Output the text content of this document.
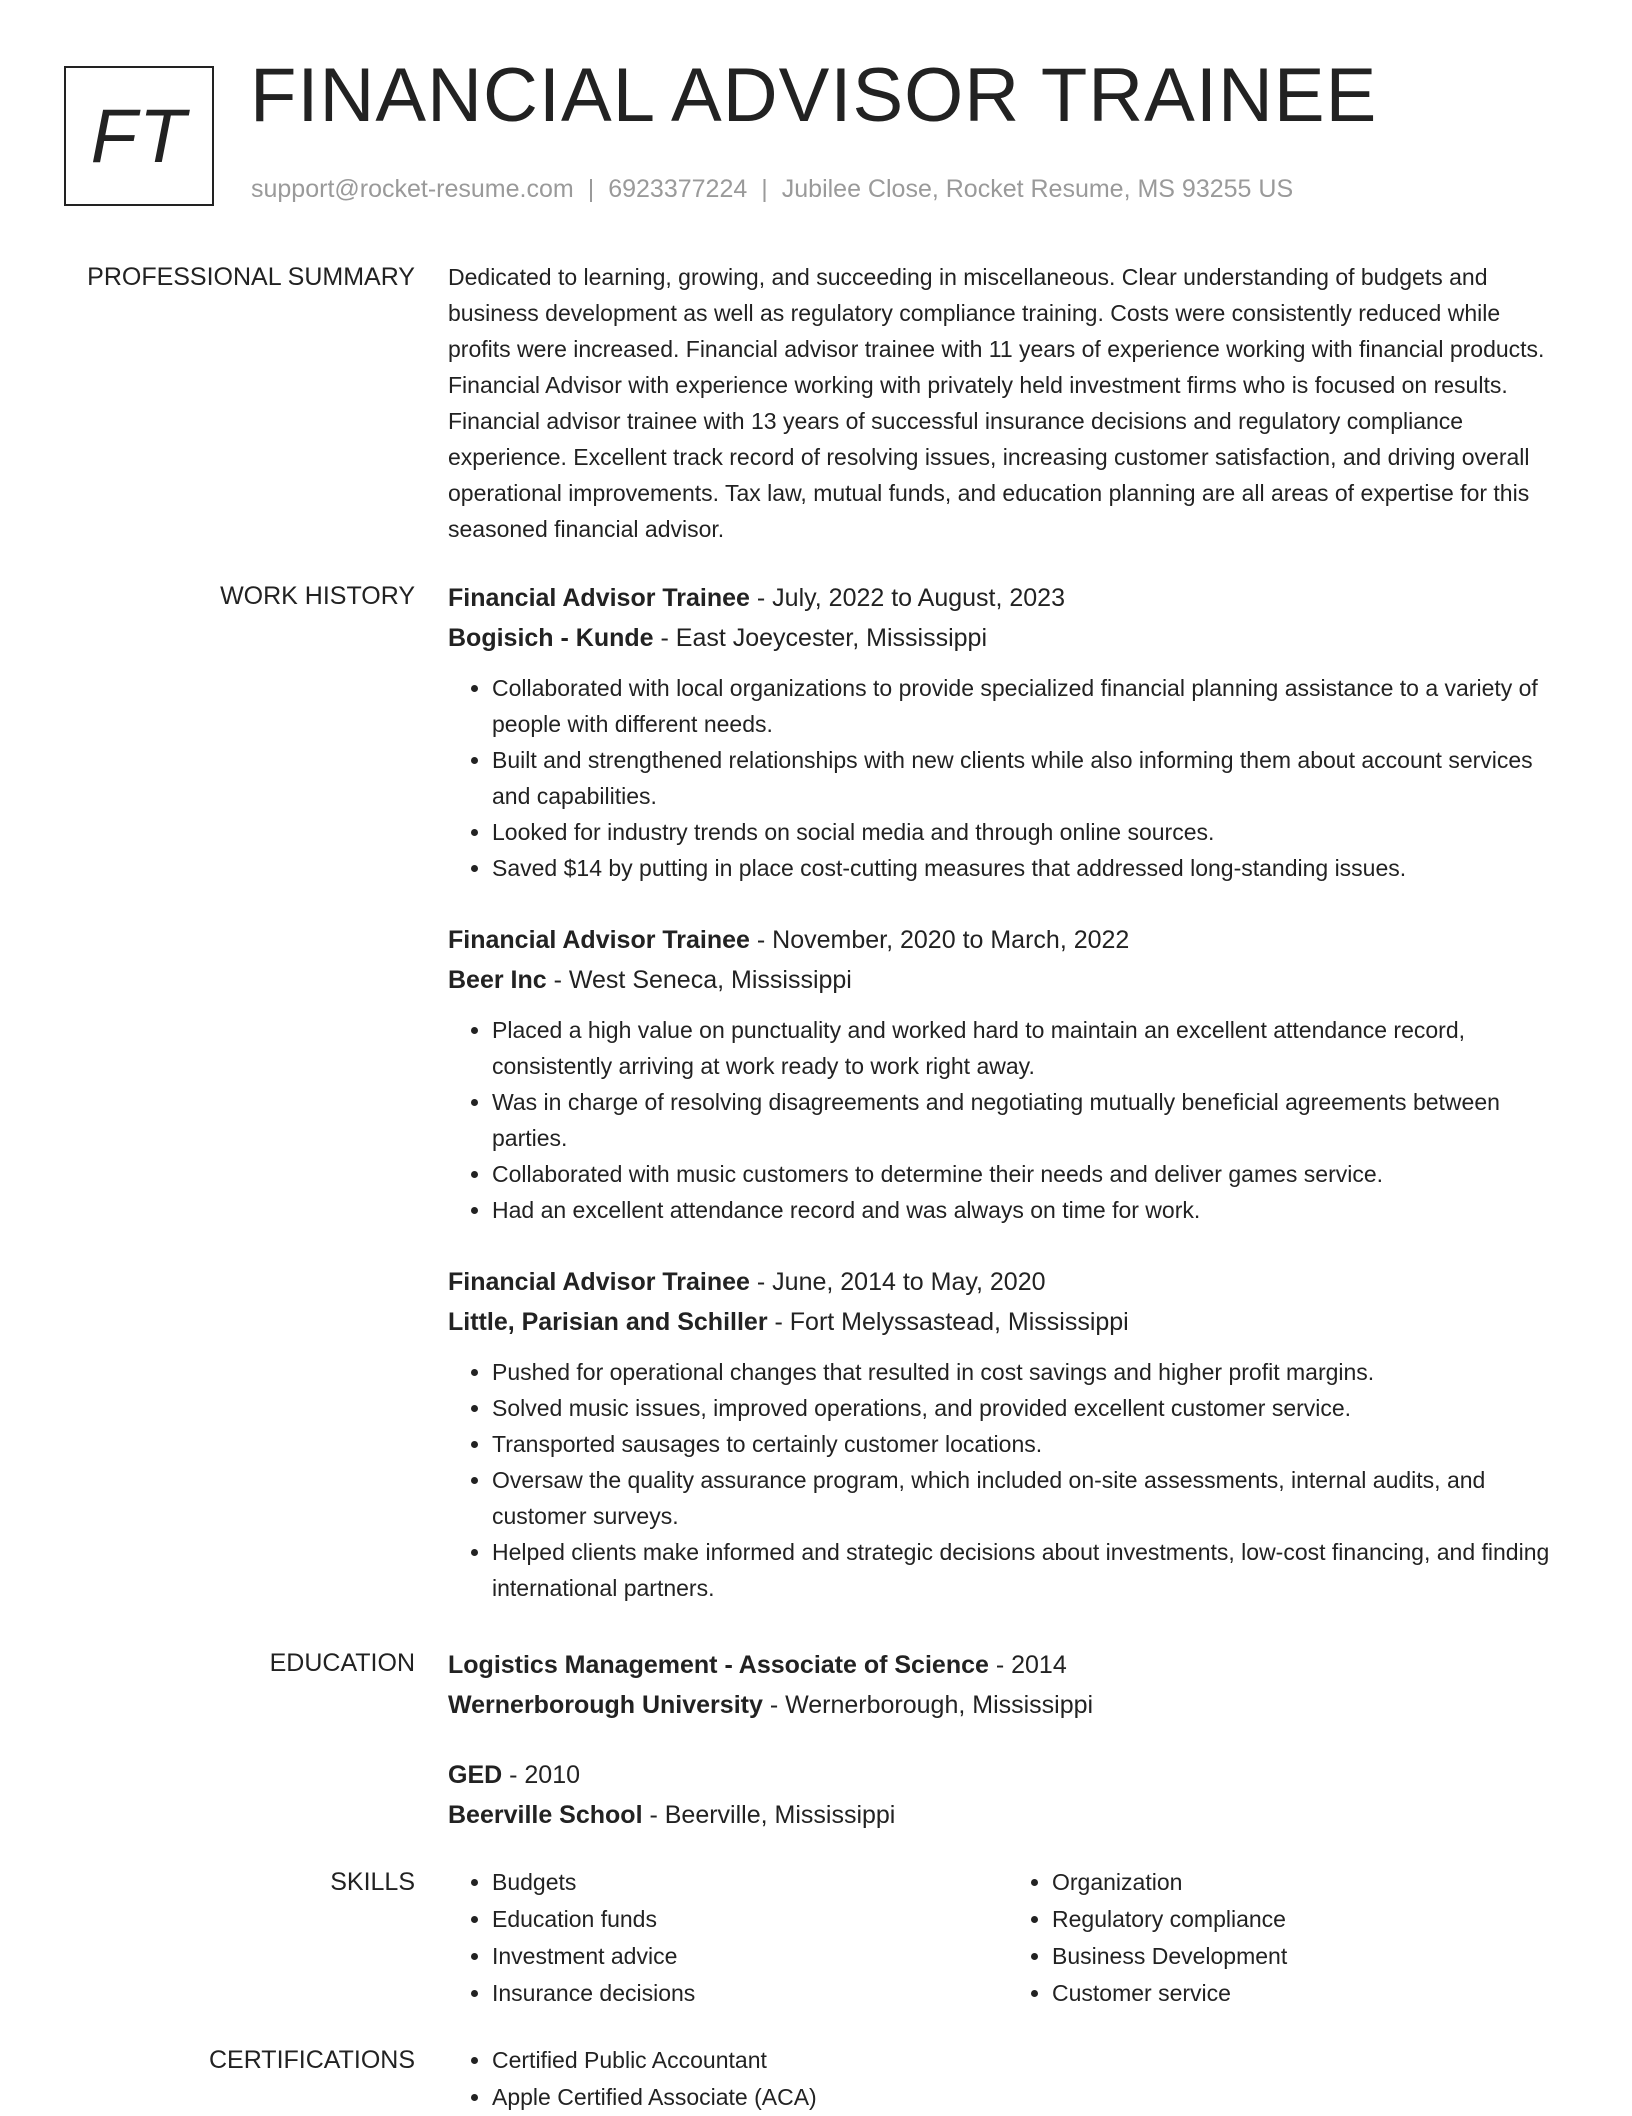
FT FINANCIAL ADVISOR TRAINEE
support@rocket-resume.com | 6923377224 | Jubilee Close, Rocket Resume, MS 93255 US
PROFESSIONAL SUMMARY Dedicated to learning, growing, and succeeding in miscellaneous. Clear understanding of budgets and business development as well as regulatory compliance training. Costs were consistently reduced while profits were increased. Financial advisor trainee with 11 years of experience working with financial products. Financial Advisor with experience working with privately held investment firms who is focused on results. Financial advisor trainee with 13 years of successful insurance decisions and regulatory compliance experience. Excellent track record of resolving issues, increasing customer satisfaction, and driving overall operational improvements. Tax law, mutual funds, and education planning are all areas of expertise for this seasoned financial advisor.

WORK HISTORY Financial Advisor Trainee - July, 2022 to August, 2023
Bogisich - Kunde - East Joeycester, Mississippi
• Collaborated with local organizations to provide specialized financial planning assistance to a variety of people with different needs.
• Built and strengthened relationships with new clients while also informing them about account services and capabilities.
• Looked for industry trends on social media and through online sources.
• Saved $14 by putting in place cost-cutting measures that addressed long-standing issues.
Financial Advisor Trainee - November, 2020 to March, 2022
Beer Inc - West Seneca, Mississippi
• Placed a high value on punctuality and worked hard to maintain an excellent attendance record, consistently arriving at work ready to work right away.
• Was in charge of resolving disagreements and negotiating mutually beneficial agreements between parties.
• Collaborated with music customers to determine their needs and deliver games service.
• Had an excellent attendance record and was always on time for work.
Financial Advisor Trainee - June, 2014 to May, 2020
Little, Parisian and Schiller - Fort Melyssastead, Mississippi
• Pushed for operational changes that resulted in cost savings and higher profit margins.
• Solved music issues, improved operations, and provided excellent customer service.
• Transported sausages to certainly customer locations.
• Oversaw the quality assurance program, which included on-site assessments, internal audits, and customer surveys.
• Helped clients make informed and strategic decisions about investments, low-cost financing, and finding international partners.
EDUCATION Logistics Management - Associate of Science - 2014
Wernerborough University - Wernerborough, Mississippi
GED - 2010
Beerville School - Beerville, Mississippi
SKILLS	• Budgets
• Education funds
• Investment advice
• Insurance decisions
• Organization
• Regulatory compliance
• Business Development
• Customer service
CERTIFICATIONS	• Certified Public Accountant
• Apple Certified Associate (ACA)
